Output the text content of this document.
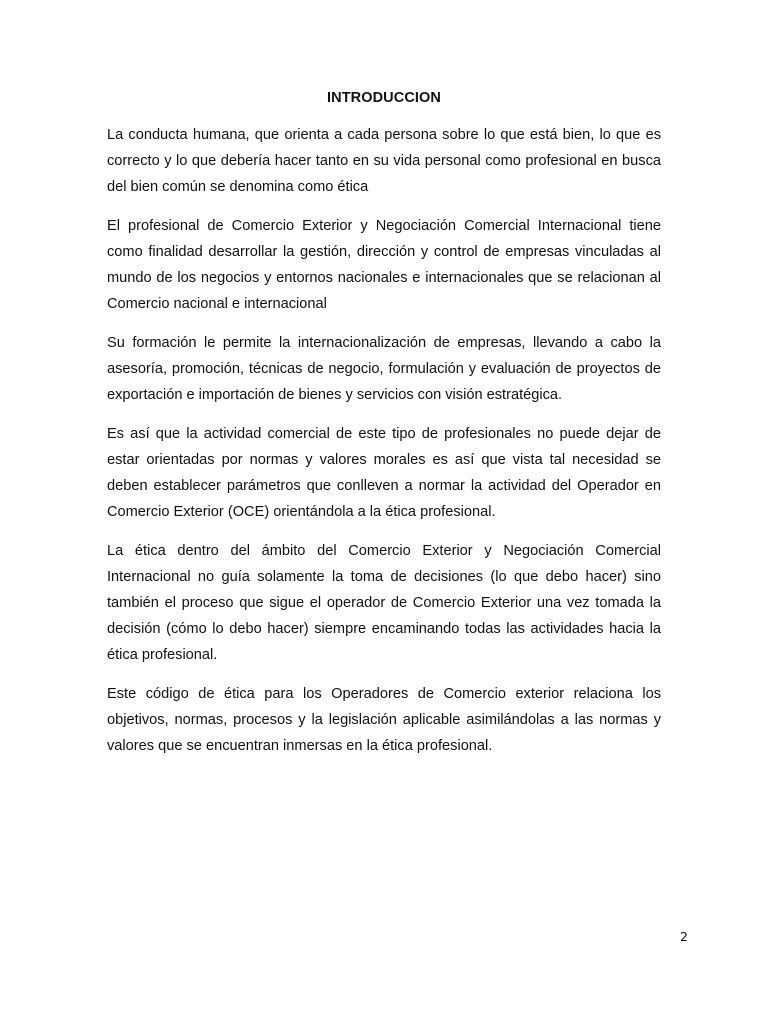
INTRODUCCION

La conducta humana, que orienta a cada persona sobre lo que está bien, lo que es correcto y lo que debería hacer tanto en su vida personal como profesional en busca del bien común se denomina como ética

El profesional de Comercio Exterior y Negociación Comercial Internacional tiene como finalidad desarrollar la gestión, dirección y control de empresas vinculadas al mundo de los negocios y entornos nacionales e internacionales que se relacionan al Comercio nacional e internacional

Su formación le permite la internacionalización de empresas, llevando a cabo la asesoría, promoción, técnicas de negocio, formulación y evaluación de proyectos de exportación e importación de bienes y servicios con visión estratégica.

Es así que la actividad comercial de este tipo de profesionales no puede dejar de estar orientadas por normas y valores morales es así que vista tal necesidad se deben establecer parámetros que conlleven a normar la actividad del Operador en Comercio Exterior (OCE) orientándola a la ética profesional.

La ética dentro del ámbito del Comercio Exterior y Negociación Comercial Internacional no guía solamente la toma de decisiones (lo que debo hacer) sino también el proceso que sigue el operador de Comercio Exterior una vez tomada la decisión (cómo lo debo hacer) siempre encaminando todas las actividades hacia la ética profesional.

Este código de ética para los Operadores de Comercio exterior relaciona los objetivos, normas, procesos y la legislación aplicable asimilándolas a las normas y valores que se encuentran inmersas en la ética profesional.

2
